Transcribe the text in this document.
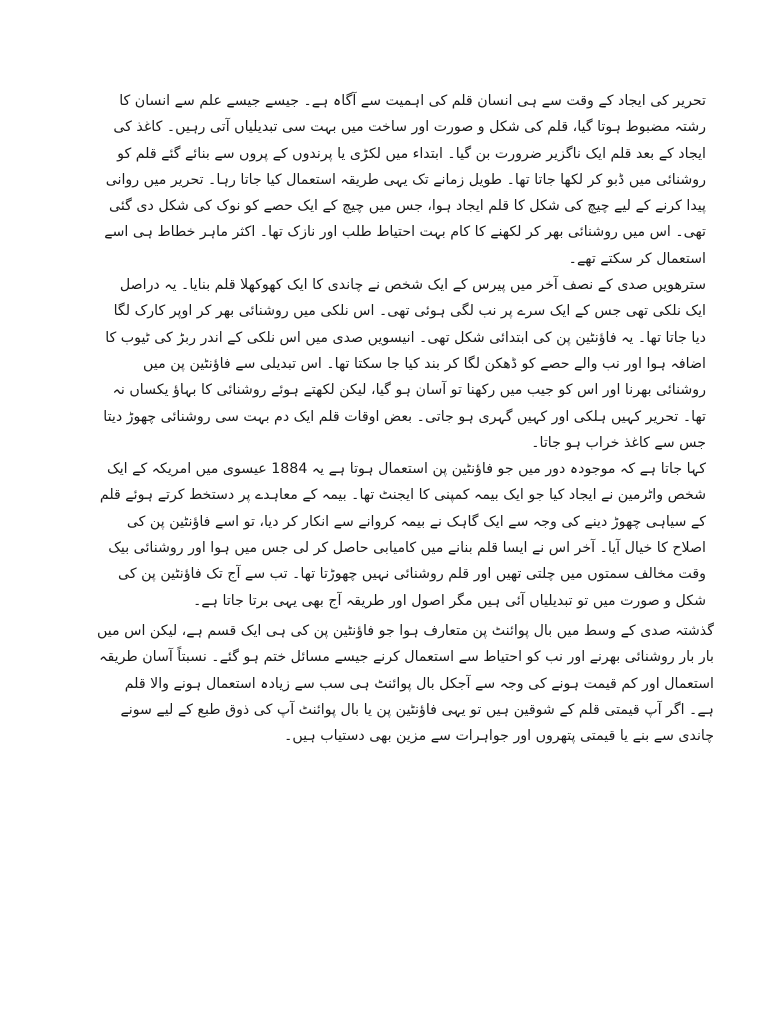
تحریر کی ایجاد کے وقت سے ہی انسان قلم کی اہمیت سے آگاہ ہے۔ جیسے جیسے علم سے انسان کا رشتہ مضبوط ہوتا گیا، قلم کی شکل و صورت اور ساخت میں بہت سی تبدیلیاں آتی رہیں۔ کاغذ کی ایجاد کے بعد قلم ایک ناگزیر ضرورت بن گیا۔ ابتداء میں لکڑی یا پرندوں کے پروں سے بنائے گئے قلم کو روشنائی میں ڈبو کر لکھا جاتا تھا۔ طویل زمانے تک یہی طریقہ استعمال کیا جاتا رہا۔ تحریر میں روانی پیدا کرنے کے لیے چیچ کی شکل کا قلم ایجاد ہوا، جس میں چیچ کے ایک حصے کو نوک کی شکل دی گئی تھی۔ اس میں روشنائی بھر کر لکھنے کا کام بہت احتیاط طلب اور نازک تھا۔ اکثر ماہر خطاط ہی اسے استعمال کر سکتے تھے۔

سترھویں صدی کے نصف آخر میں پیرس کے ایک شخص نے چاندی کا ایک کھوکھلا قلم بنایا۔ یہ دراصل ایک نلکی تھی جس کے ایک سرے پر نب لگی ہوئی تھی۔ اس نلکی میں روشنائی بھر کر اوپر کارک لگا دیا جاتا تھا۔ یہ فاؤنٹین پن کی ابتدائی شکل تھی۔ انیسویں صدی میں اس نلکی کے اندر ربڑ کی ٹیوب کا اضافہ ہوا اور نب والے حصے کو ڈھکن لگا کر بند کیا جا سکتا تھا۔ اس تبدیلی سے فاؤنٹین پن میں روشنائی بھرنا اور اس کو جیب میں رکھنا تو آسان ہو گیا، لیکن لکھتے ہوئے روشنائی کا بہاؤ یکساں نہ تھا۔ تحریر کہیں ہلکی اور کہیں گہری ہو جاتی۔ بعض اوقات قلم ایک دم بہت سی روشنائی چھوڑ دیتا جس سے کاغذ خراب ہو جاتا۔

کہا جاتا ہے کہ موجودہ دور میں جو فاؤنٹین پن استعمال ہوتا ہے یہ 1884 عیسوی میں امریکہ کے ایک شخص واٹرمین نے ایجاد کیا جو ایک بیمہ کمپنی کا ایجنٹ تھا۔ بیمہ کے معاہدے پر دستخط کرتے ہوئے قلم کے سیاہی چھوڑ دینے کی وجہ سے ایک گاہک نے بیمہ کروانے سے انکار کر دیا، تو اسے فاؤنٹین پن کی اصلاح کا خیال آیا۔ آخر اس نے ایسا قلم بنانے میں کامیابی حاصل کر لی جس میں ہوا اور روشنائی بیک وقت مخالف سمتوں میں چلتی تھیں اور قلم روشنائی نہیں چھوڑتا تھا۔ تب سے آج تک فاؤنٹین پن کی شکل و صورت میں تو تبدیلیاں آئی ہیں مگر اصول اور طریقہ آج بھی یہی برتا جاتا ہے۔

گذشتہ صدی کے وسط میں بال پوائنٹ پن متعارف ہوا جو فاؤنٹین پن کی ہی ایک قسم ہے، لیکن اس میں بار بار روشنائی بھرنے اور نب کو احتیاط سے استعمال کرنے جیسے مسائل ختم ہو گئے۔ نسبتاً آسان طریقہ استعمال اور کم قیمت ہونے کی وجہ سے آجکل بال پوائنٹ ہی سب سے زیادہ استعمال ہونے والا قلم ہے۔ اگر آپ قیمتی قلم کے شوقین ہیں تو یہی فاؤنٹین پن یا بال پوائنٹ آپ کی ذوق طبع کے لیے سونے چاندی سے بنے یا قیمتی پتھروں اور جواہرات سے مزین بھی دستیاب ہیں۔
